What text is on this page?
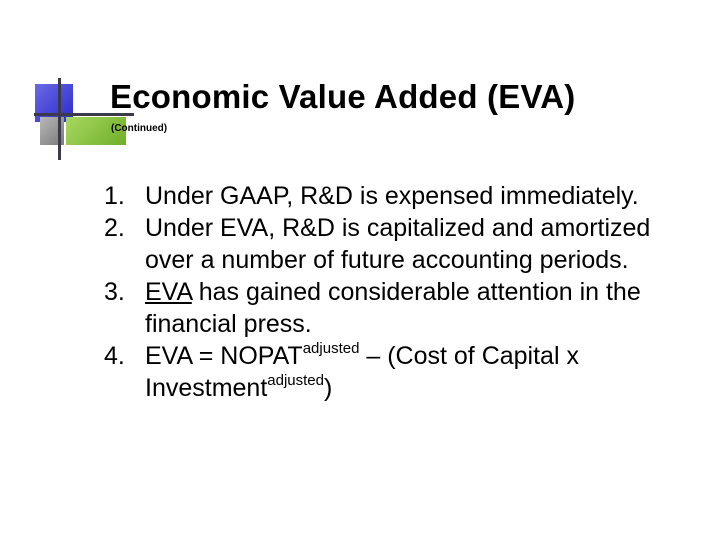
Economic Value Added (EVA)
(Continued)
1. Under GAAP, R&D is expensed immediately.
2. Under EVA, R&D is capitalized and amortized over a number of future accounting periods.
3. EVA has gained considerable attention in the financial press.
4. EVA = $NOPAT^{adjusted}$ – (Cost of Capital x Investment$^{adjusted}$)
